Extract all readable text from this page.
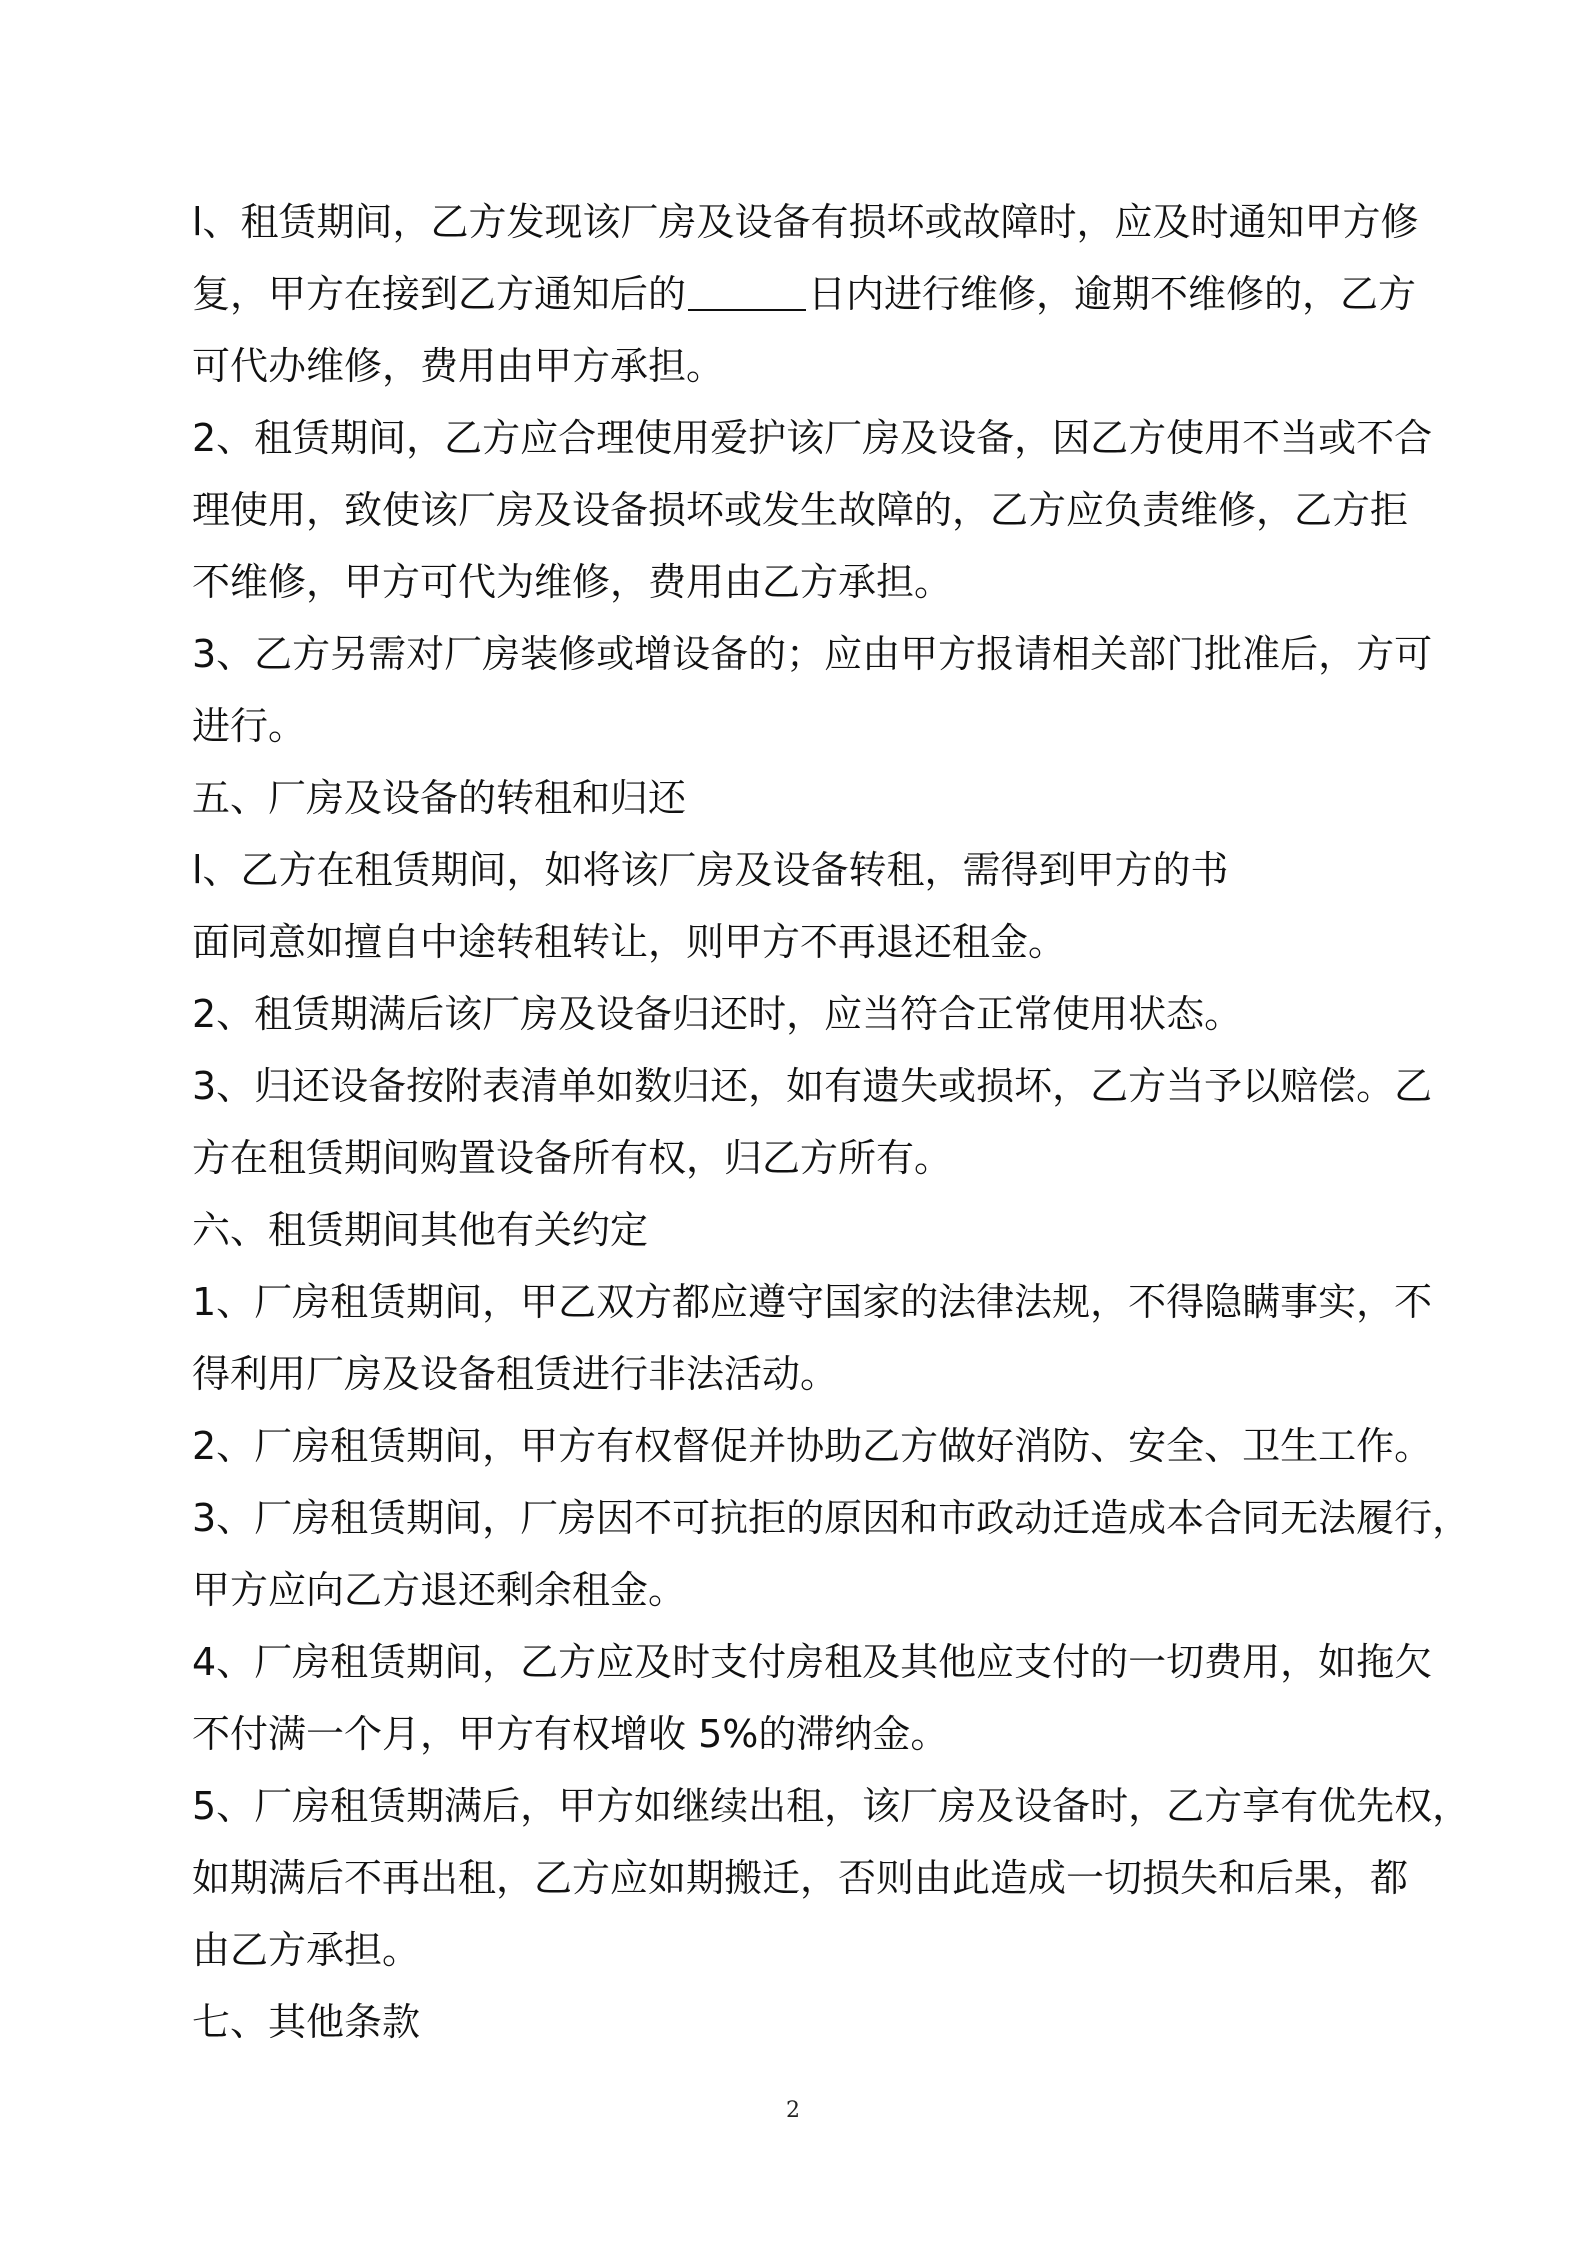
l、租赁期间，乙方发现该厂房及设备有损坏或故障时，应及时通知甲方修
复，甲方在接到乙方通知后的	日内进行维修，逾期不维修的，乙方
可代办维修，费用由甲方承担。
2、租赁期间，乙方应合理使用爱护该厂房及设备，因乙方使用不当或不合
理使用，致使该厂房及设备损坏或发生故障的，乙方应负责维修，乙方拒
不维修，甲方可代为维修，费用由乙方承担。
3、乙方另需对厂房装修或增设备的；应由甲方报请相关部门批准后，方可
进行。
五、厂房及设备的转租和归还
l、乙方在租赁期间，如将该厂房及设备转租，需得到甲方的书
面同意如擅自中途转租转让，则甲方不再退还租金。
2、租赁期满后该厂房及设备归还时，应当符合正常使用状态。
3、归还设备按附表清单如数归还，如有遗失或损坏，乙方当予以赔偿。乙
方在租赁期间购置设备所有权，归乙方所有。
六、租赁期间其他有关约定
1、厂房租赁期间，甲乙双方都应遵守国家的法律法规，不得隐瞒事实，不
得利用厂房及设备租赁进行非法活动。
2、厂房租赁期间，甲方有权督促并协助乙方做好消防、安全、卫生工作。
3、厂房租赁期间，厂房因不可抗拒的原因和市政动迁造成本合同无法履行，
甲方应向乙方退还剩余租金。
4、厂房租赁期间，乙方应及时支付房租及其他应支付的一切费用，如拖欠
不付满一个月，甲方有权增收 5%的滞纳金。
5、厂房租赁期满后，甲方如继续出租，该厂房及设备时，乙方享有优先权，
如期满后不再出租，乙方应如期搬迁，否则由此造成一切损失和后果，都
由乙方承担。
七、其他条款
2
